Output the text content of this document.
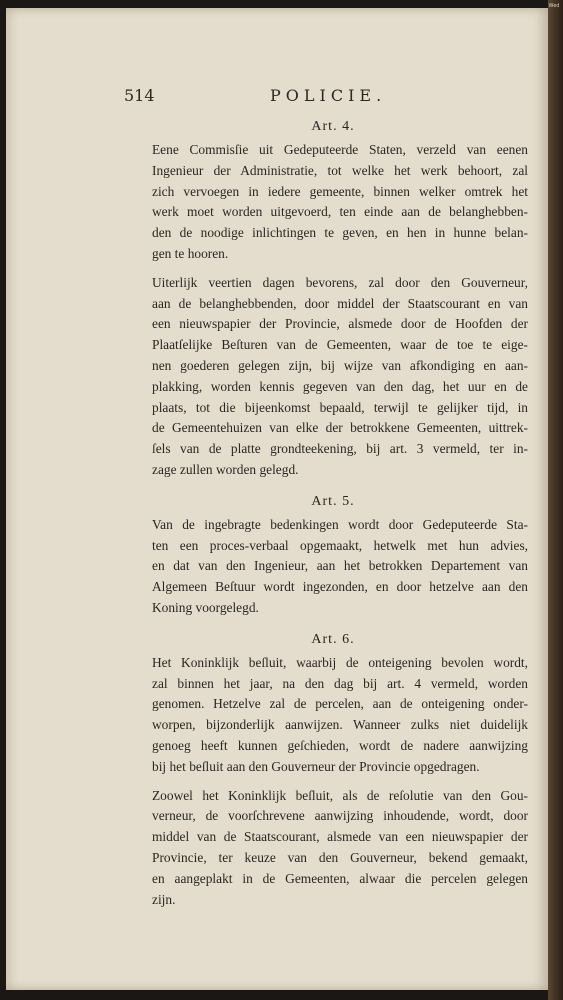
Wed
514	POLICIE.
Art. 4.
Eene Commisſie uit Gedeputeerde Staten, verzeld van eenen
Ingenieur der Administratie, tot welke het werk behoort, zal
zich vervoegen in iedere gemeente, binnen welker omtrek het
werk moet worden uitgevoerd, ten einde aan de belanghebben-
den de noodige inlichtingen te geven, en hen in hunne belan-
gen te hooren.
Uiterlijk veertien dagen bevorens, zal door den Gouverneur,
aan de belanghebbenden, door middel der Staatscourant en van
een nieuwspapier der Provincie, alsmede door de Hoofden der
Plaatſelijke Beſturen van de Gemeenten, waar de toe te eige-
nen goederen gelegen zijn, bij wijze van afkondiging en aan-
plakking, worden kennis gegeven van den dag, het uur en de
plaats, tot die bijeenkomst bepaald, terwijl te gelijker tijd, in
de Gemeentehuizen van elke der betrokkene Gemeenten, uittrek-
ſels van de platte grondteekening, bij art. 3 vermeld, ter in-
zage zullen worden gelegd.
Art. 5.
Van de ingebragte bedenkingen wordt door Gedeputeerde Sta-
ten een proces-verbaal opgemaakt, hetwelk met hun advies,
en dat van den Ingenieur, aan het betrokken Departement van
Algemeen Beſtuur wordt ingezonden, en door hetzelve aan den
Koning voorgelegd.
Art. 6.
Het Koninklijk beſluit, waarbij de onteigening bevolen wordt,
zal binnen het jaar, na den dag bij art. 4 vermeld, worden
genomen. Hetzelve zal de percelen, aan de onteigening onder-
worpen, bijzonderlijk aanwijzen. Wanneer zulks niet duidelijk
genoeg heeft kunnen geſchieden, wordt de nadere aanwijzing
bij het beſluit aan den Gouverneur der Provincie opgedragen.
Zoowel het Koninklijk beſluit, als de reſolutie van den Gou-
verneur, de voorſchrevene aanwijzing inhoudende, wordt, door
middel van de Staatscourant, alsmede van een nieuwspapier der
Provincie, ter keuze van den Gouverneur, bekend gemaakt,
en aangeplakt in de Gemeenten, alwaar die percelen gelegen
zijn.
